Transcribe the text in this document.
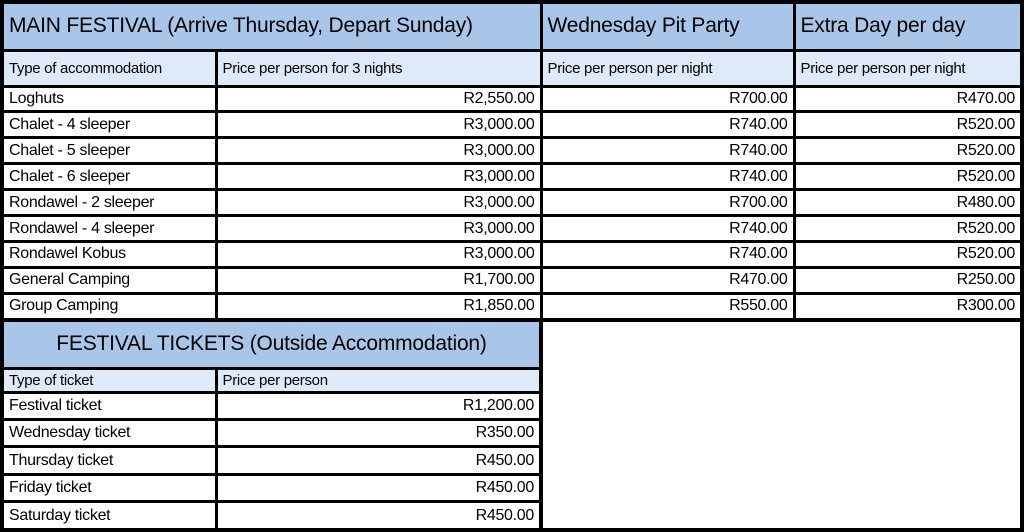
MAIN FESTIVAL (Arrive Thursday, Depart Sunday)		Wednesday Pit Party	Extra Day per day
Type of accommodation	Price per person for 3 nights	Price per person per night	Price per person per night
Loghuts	R2,550.00	R700.00	R470.00
Chalet - 4 sleeper	R3,000.00	R740.00	R520.00
Chalet - 5 sleeper	R3,000.00	R740.00	R520.00
Chalet - 6 sleeper	R3,000.00	R740.00	R520.00
Rondawel - 2 sleeper	R3,000.00	R700.00	R480.00
Rondawel - 4 sleeper	R3,000.00	R740.00	R520.00
Rondawel Kobus	R3,000.00	R740.00	R520.00
General Camping	R1,700.00	R470.00	R250.00
Group Camping	R1,850.00	R550.00	R300.00
FESTIVAL TICKETS (Outside Accommodation)	
Type of ticket	Price per person
Festival ticket	R1,200.00
Wednesday ticket	R350.00
Thursday ticket	R450.00
Friday ticket	R450.00
Saturday ticket	R450.00
